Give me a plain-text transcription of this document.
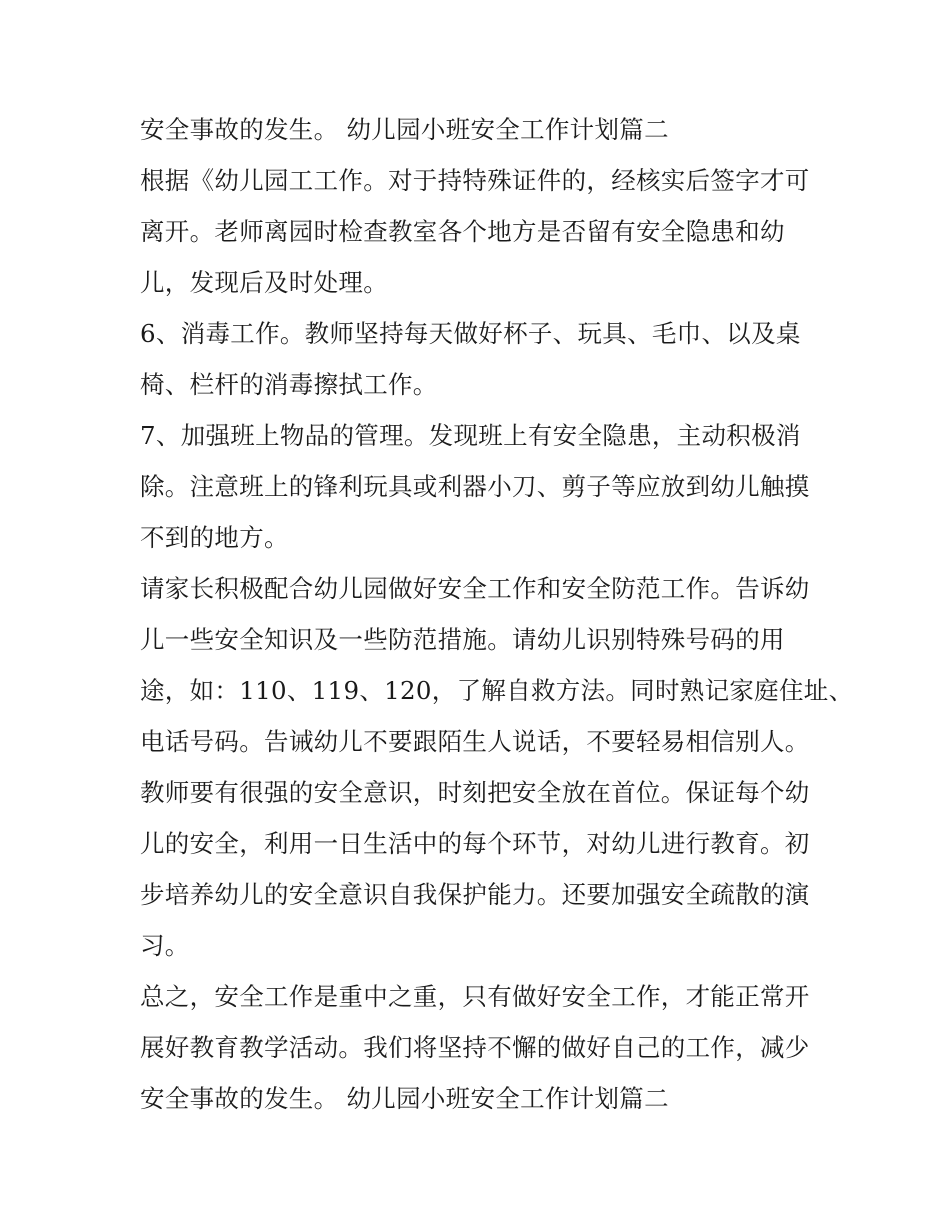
安全事故的发生。 幼儿园小班安全工作计划篇二
根据《幼儿园工工作。对于持特殊证件的，经核实后签字才可
离开。老师离园时检查教室各个地方是否留有安全隐患和幼
儿，发现后及时处理。
6、消毒工作。教师坚持每天做好杯子、玩具、毛巾、以及桌
椅、栏杆的消毒擦拭工作。
7、加强班上物品的管理。发现班上有安全隐患，主动积极消
除。注意班上的锋利玩具或利器小刀、剪子等应放到幼儿触摸
不到的地方。
请家长积极配合幼儿园做好安全工作和安全防范工作。告诉幼
儿一些安全知识及一些防范措施。请幼儿识别特殊号码的用
途，如：110、119、120，了解自救方法。同时熟记家庭住址、
电话号码。告诫幼儿不要跟陌生人说话，不要轻易相信别人。
教师要有很强的安全意识，时刻把安全放在首位。保证每个幼
儿的安全，利用一日生活中的每个环节，对幼儿进行教育。初
步培养幼儿的安全意识自我保护能力。还要加强安全疏散的演
习。
总之，安全工作是重中之重，只有做好安全工作，才能正常开
展好教育教学活动。我们将坚持不懈的做好自己的工作，减少
安全事故的发生。 幼儿园小班安全工作计划篇二
